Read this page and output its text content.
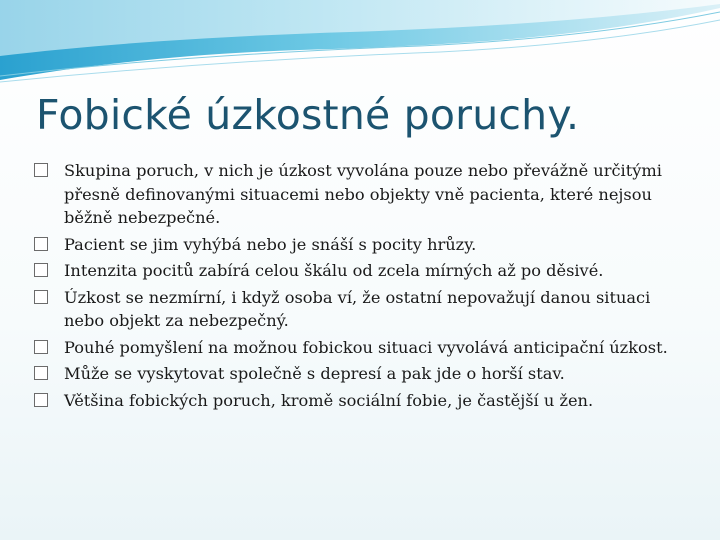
Fobické úzkostné poruchy.
Skupina poruch, v nich je úzkost vyvolána pouze nebo převážně určitými přesně definovanými situacemi nebo objekty vně pacienta, které nejsou běžně nebezpečné.
Pacient se jim vyhýbá nebo je snáší s pocity hrůzy.
Intenzita pocitů zabírá celou škálu od zcela mírných až po děsivé.
Úzkost se nezmírní, i když osoba ví, že ostatní nepovažují danou situaci nebo objekt za nebezpečný.
Pouhé pomyšlení na možnou fobickou situaci vyvolává anticipační úzkost.
Může se vyskytovat společně s depresí a pak jde o horší stav.
Většina fobických poruch, kromě sociální fobie, je častější u žen.
